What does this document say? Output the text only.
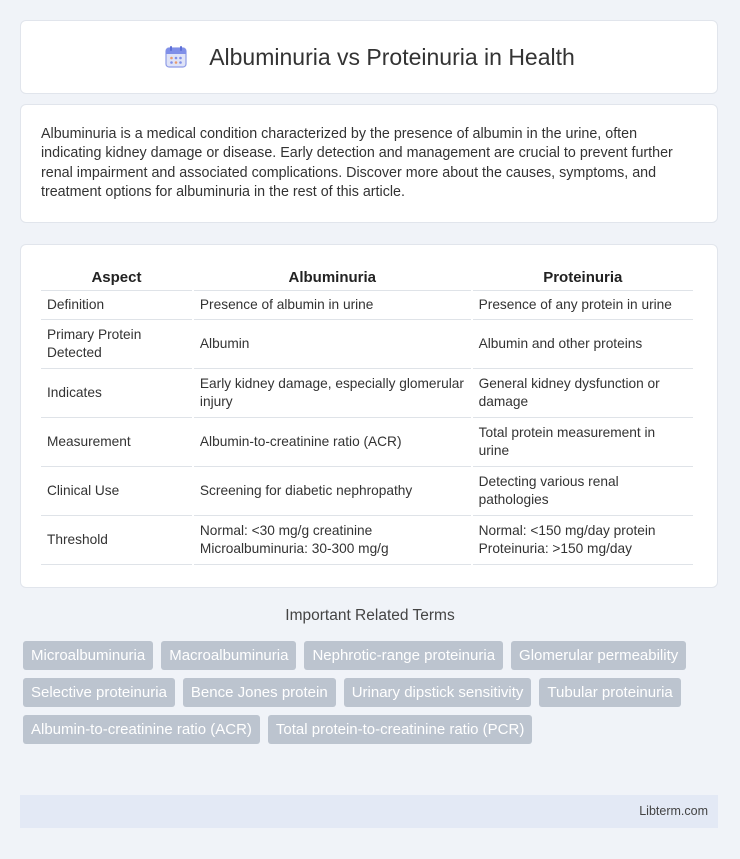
Albuminuria vs Proteinuria in Health

Albuminuria is a medical condition characterized by the presence of albumin in the urine, often indicating kidney damage or disease. Early detection and management are crucial to prevent further renal impairment and associated complications. Discover more about the causes, symptoms, and treatment options for albuminuria in the rest of this article.

Aspect	Albuminuria	Proteinuria
Definition	Presence of albumin in urine	Presence of any protein in urine
Primary Protein Detected	Albumin	Albumin and other proteins
Indicates	Early kidney damage, especially glomerular injury	General kidney dysfunction or damage
Measurement	Albumin-to-creatinine ratio (ACR)	Total protein measurement in urine
Clinical Use	Screening for diabetic nephropathy	Detecting various renal pathologies
Threshold	Normal: <30 mg/g creatinine Microalbuminuria: 30-300 mg/g	Normal: <150 mg/day protein Proteinuria: >150 mg/day
Important Related Terms
Microalbuminuria	Macroalbuminuria	Nephrotic-range proteinuria	Glomerular permeability
Selective proteinuria	Bence Jones protein	Urinary dipstick sensitivity	Tubular proteinuria
Albumin-to-creatinine ratio (ACR)	Total protein-to-creatinine ratio (PCR)
Libterm.com
